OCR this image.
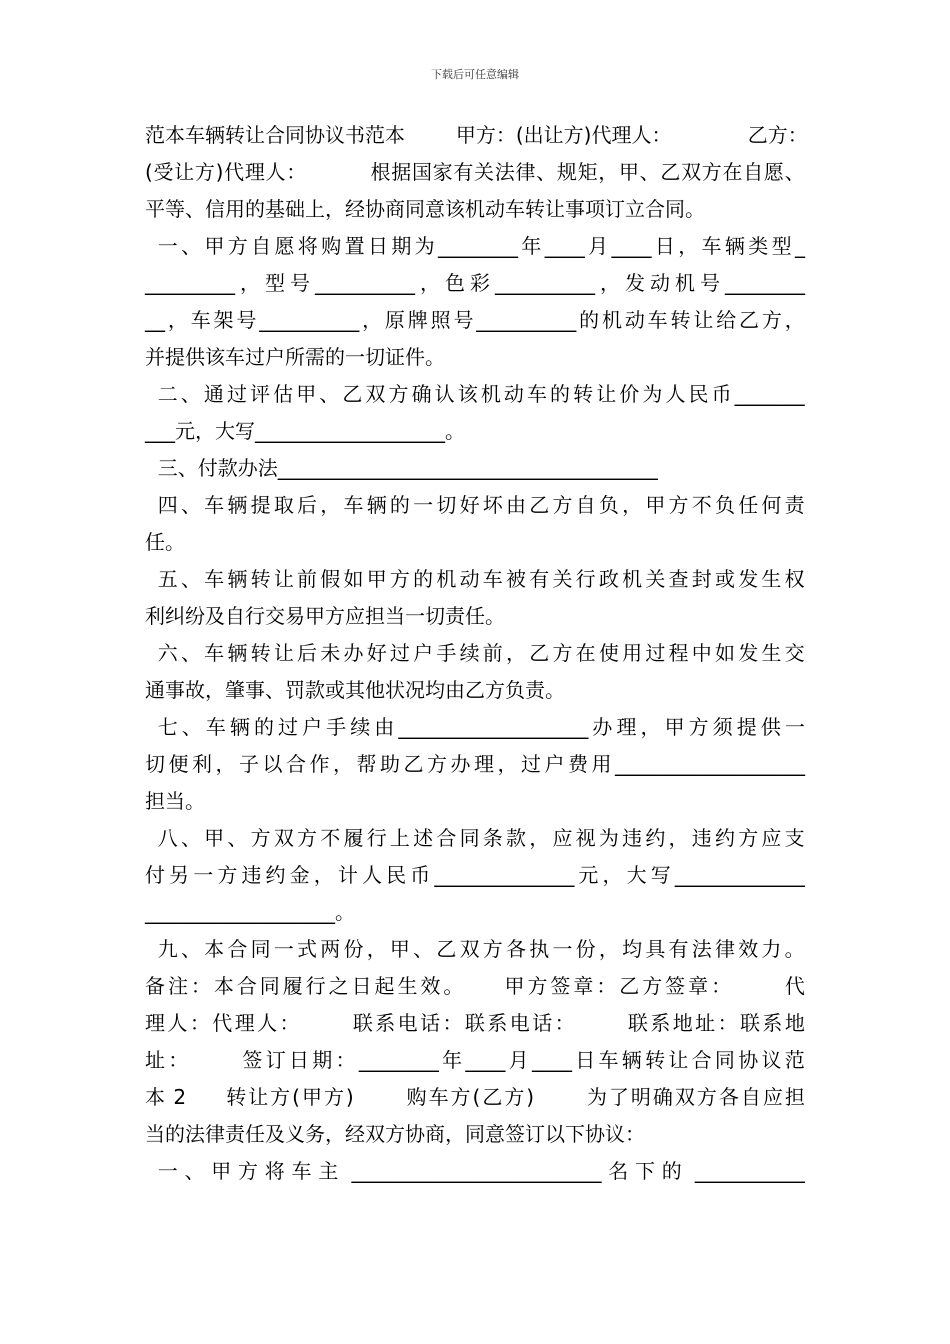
下载后可任意编辑
范 本 车 辆 转 让 合 同 协 议 书 范 本 甲 方 ： ( 出 让 方 ) 代 理 人 ： 乙 方 ：
( 受 让 方 ) 代 理 人 ： 根 据 国 家 有 关 法 律 、 规 矩 ， 甲 、 乙 双 方 在 自 愿 、
平等、信用的基础上，经协商同意该机动车转让事项订立合同。
一 、 甲 方 自 愿 将 购 置 日 期 为 ________ 年 ____ 月 ____ 日 ， 车 辆 类 型 _
_________ ， 型 号 __________ ， 色 彩 __________ ， 发 动 机 号 ________
__ ， 车 架 号 __________ ， 原 牌 照 号 __________ 的 机 动 车 转 让 给 乙 方 ，
并提供该车过户所需的一切证件。
二 、 通 过 评 估 甲 、 乙 双 方 确 认 该 机 动 车 的 转 让 价 为 人 民 币 _______
___元，大写___________________。
三、付款办法______________________________________
四 、 车 辆 提 取 后 ， 车 辆 的 一 切 好 坏 由 乙 方 自 负 ， 甲 方 不 负 任 何 责
任。
五 、 车 辆 转 让 前 假 如 甲 方 的 机 动 车 被 有 关 行 政 机 关 查 封 或 发 生 权
利纠纷及自行交易甲方应担当一切责任。
六 、 车 辆 转 让 后 未 办 好 过 户 手 续 前 ， 乙 方 在 使 用 过 程 中 如 发 生 交
通事故，肇事、罚款或其他状况均由乙方负责。
七 、 车 辆 的 过 户 手 续 由 ___________________ 办 理 ， 甲 方 须 提 供 一
切 便 利 ， 子 以 合 作 ， 帮 助 乙 方 办 理 ， 过 户 费 用 ___________________
担当。
八 、 甲 、 方 双 方 不 履 行 上 述 合 同 条 款 ， 应 视 为 违 约 ， 违 约 方 应 支
付 另 一 方 违 约 金 ， 计 人 民 币 ______________ 元 ， 大 写 _____________
___________________。
九 、 本 合 同 一 式 两 份 ， 甲 、 乙 双 方 各 执 一 份 ， 均 具 有 法 律 效 力 。
备 注 ： 本 合 同 履 行 之 日 起 生 效 。 甲 方 签 章 ： 乙 方 签 章 ： 代
理 人 ： 代 理 人 ： 联 系 电 话 ： 联 系 电 话 ： 联 系 地 址 ： 联 系 地
址 ： 签 订 日 期 ： ________ 年 ____ 月 ____ 日 车 辆 转 让 合 同 协 议 范
本 2 转 让 方 ( 甲 方 ) 购 车 方 ( 乙 方 ) 为 了 明 确 双 方 各 自 应 担
当的法律责任及义务，经双方协商，同意签订以下协议：
一 、 甲 方 将 车 主 _________________________ 名 下 的 ___________
